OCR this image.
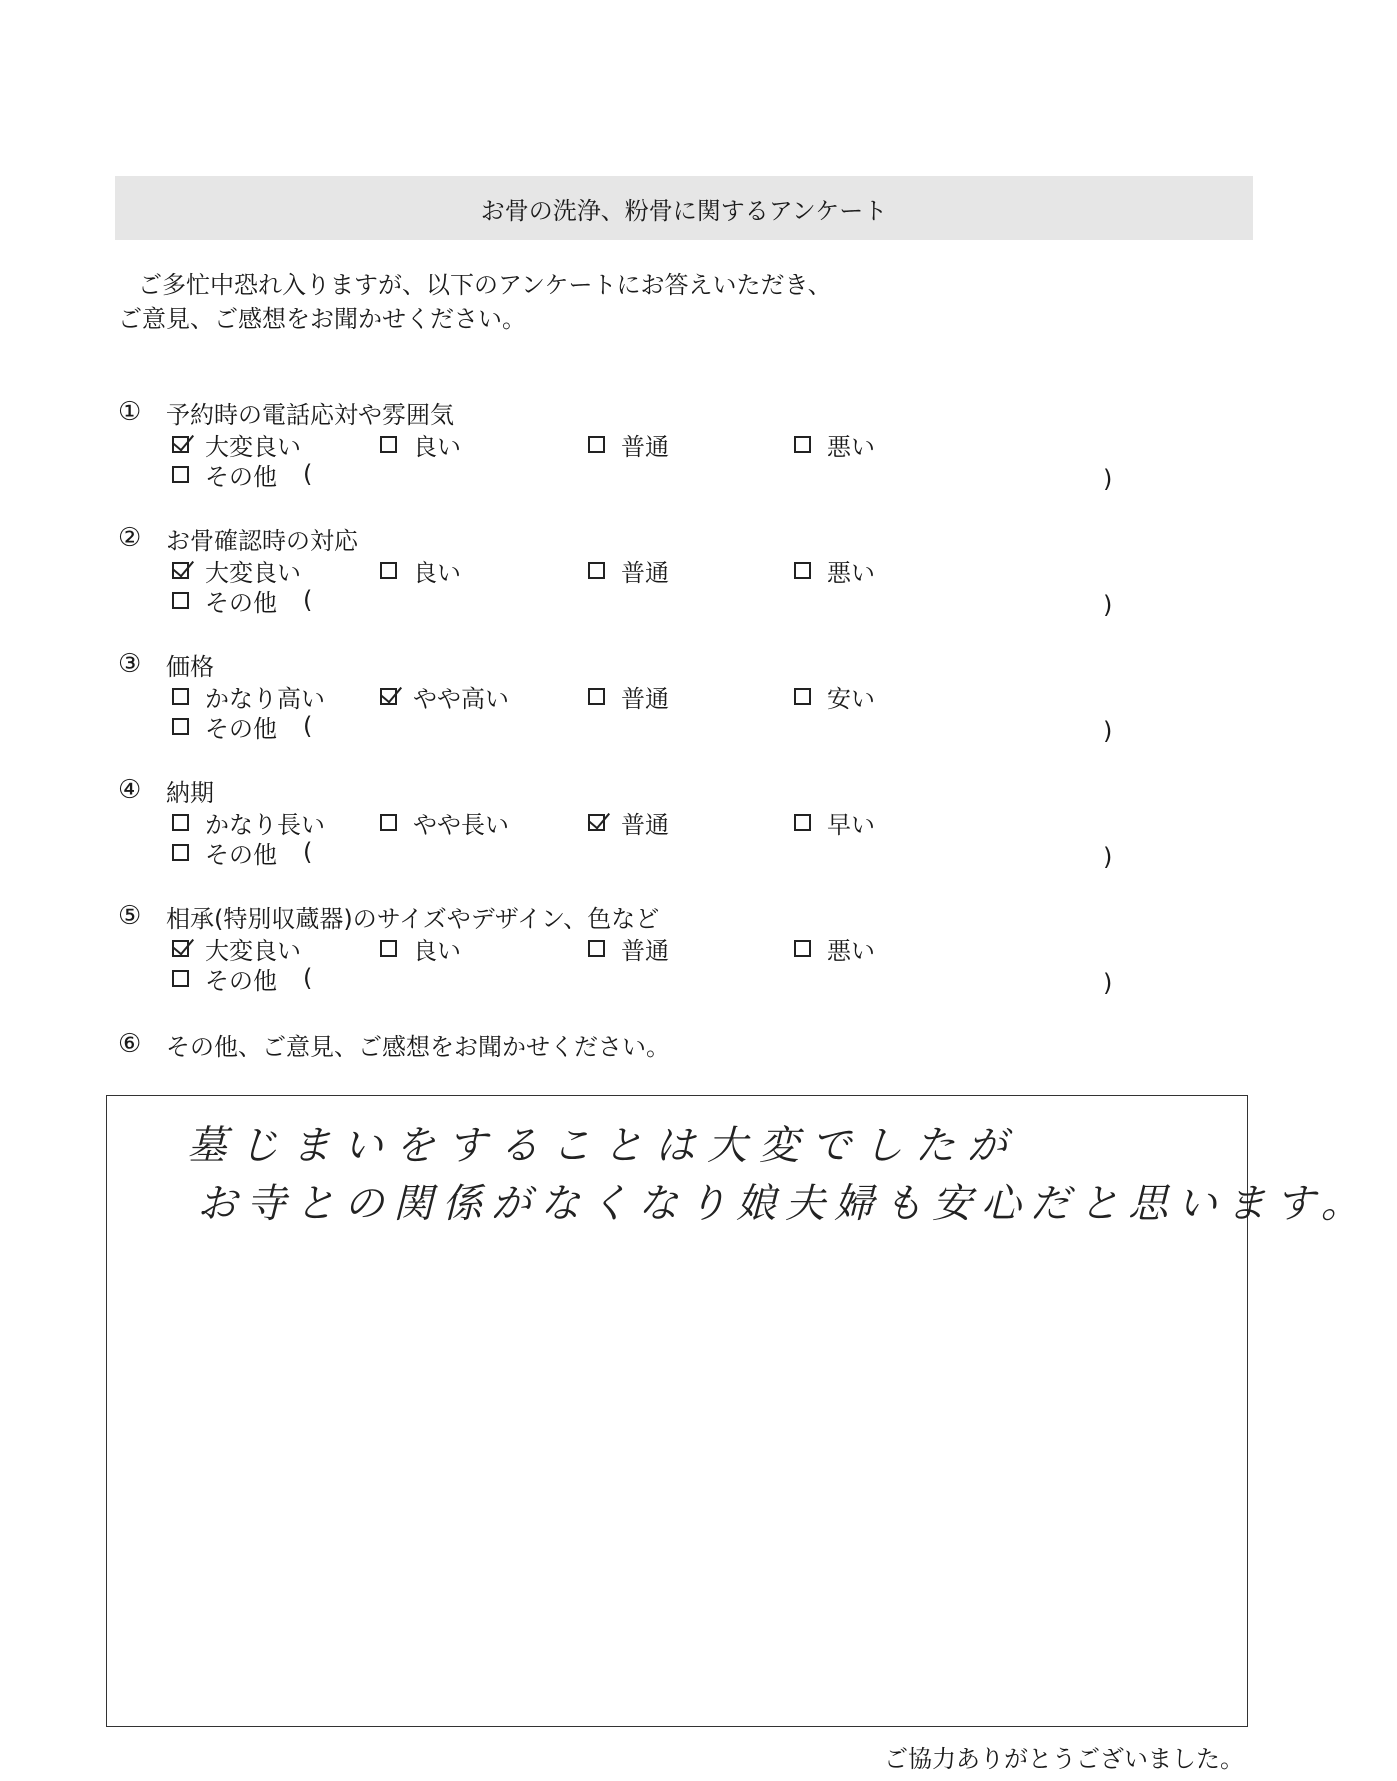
お骨の洗浄、粉骨に関するアンケート
ご多忙中恐れ入りますが、以下のアンケートにお答えいただき、
ご意見、ご感想をお聞かせください。
①	予約時の電話応対や雰囲気
大変良い	良い	普通	悪い
その他 (	)
②	お骨確認時の対応
大変良い	良い	普通	悪い
その他 (	)
③	価格
かなり高い	やや高い	普通	安い
その他 (	)
④	納期
かなり長い	やや長い	普通	早い
その他 (	)
⑤	相承(特別収蔵器)のサイズやデザイン、色など
大変良い	良い	普通	悪い
その他 (	)
⑥	その他、ご意見、ご感想をお聞かせください。
墓じまいをすることは大変でしたが
お寺との関係がなくなり娘夫婦も安心だと思います。
ご協力ありがとうございました。
